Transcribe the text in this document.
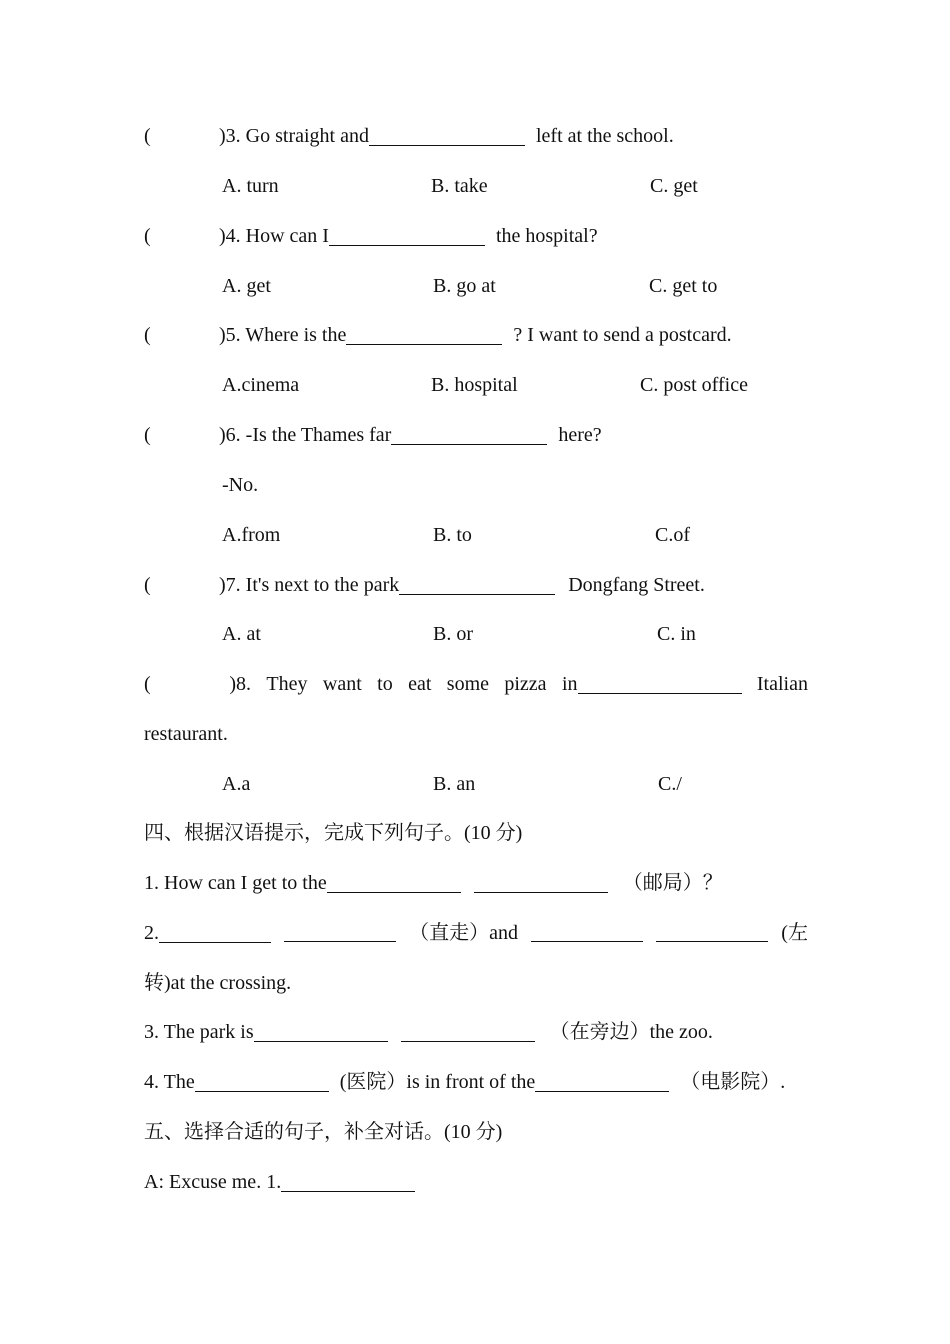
(	)3. Go straight and	left at the school.
A. turn	B. take	C. get
(	)4. How can I	the hospital?
A. get	B. go at	C. get to
(	)5. Where is the	? I want to send a postcard.
A.cinema	B. hospital	C. post office
(	)6. -Is the Thames far	here?
-No.
A.from	B. to	C.of
(	)7. It's next to the park	Dongfang Street.
A. at	B. or	C. in
(	)8. They want to eat some pizza in	Italian
restaurant.
A.a	B. an	C./
四、根据汉语提示，完成下列句子。(10 分)
1. How can I get to the	（邮局）？
2.	（直走）and	(左
转)at the crossing.
3. The park is	（在旁边）the zoo.
4. The	(医院）is in front of the	（电影院）.
五、选择合适的句子，补全对话。(10 分)
A: Excuse me. 1.
